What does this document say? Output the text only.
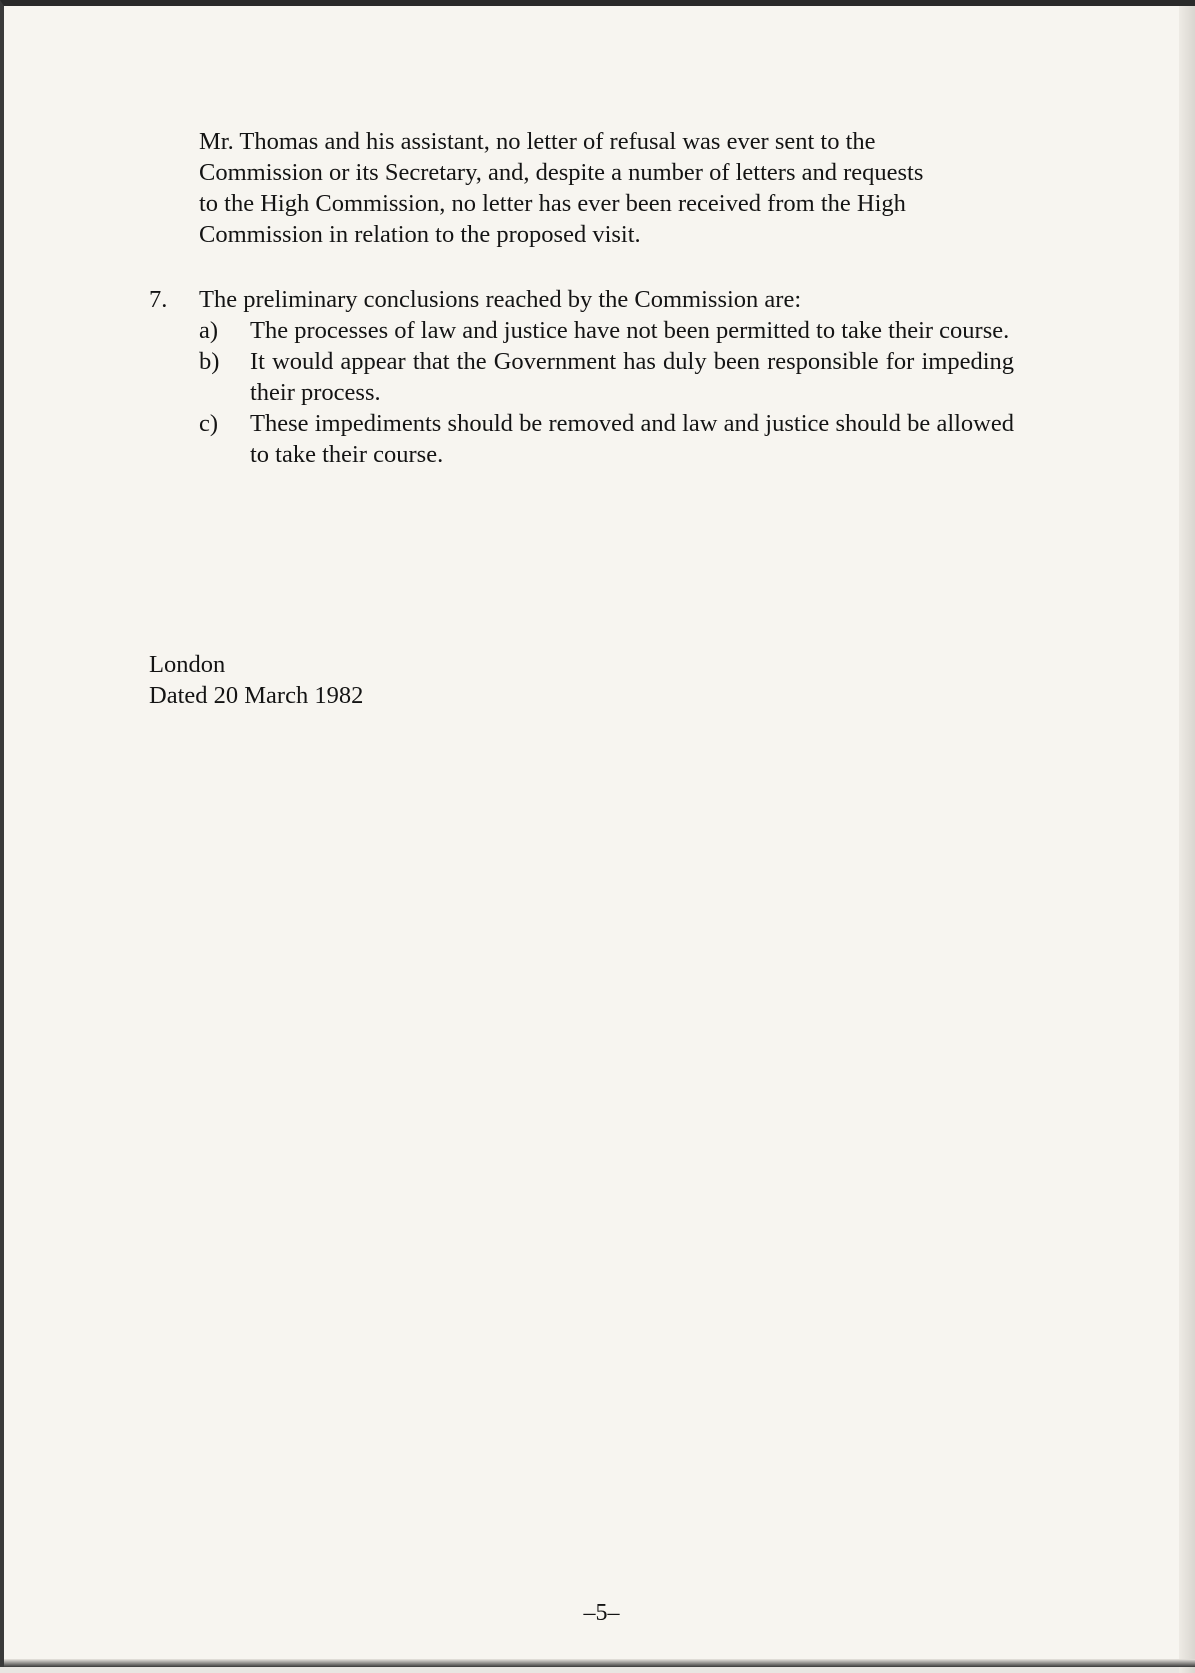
Mr. Thomas and his assistant, no letter of refusal was ever sent to the

Commission or its Secretary, and, despite a number of letters and requests

to the High Commission, no letter has ever been received from the High

Commission in relation to the proposed visit.

7.	The preliminary conclusions reached by the Commission are:
a)	The processes of law and justice have not been permitted to take their course.
b)	It would appear that the Government has duly been responsible for impeding their process.
c)	These impediments should be removed and law and justice should be allowed to take their course.
London
Dated 20 March 1982
–5–
